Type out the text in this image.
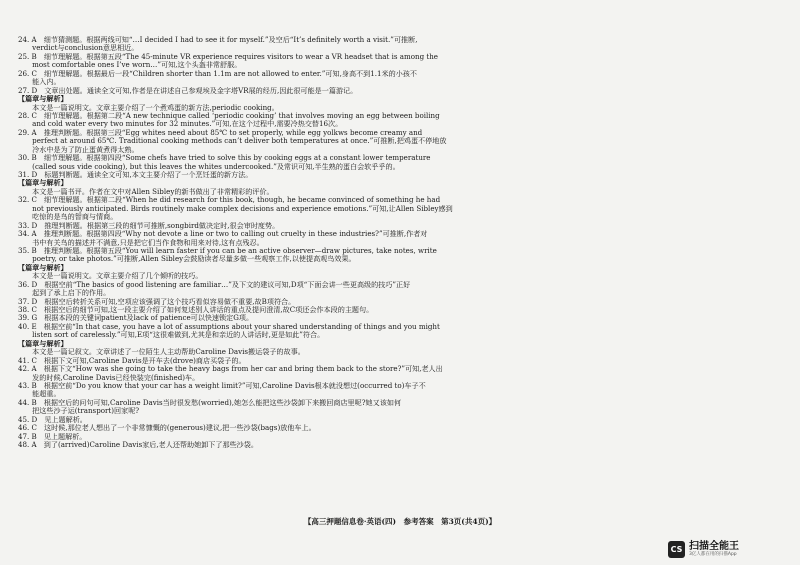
24. A　细节猜测题。根据两线可知“…I decided I had to see it for myself.”及空后“It’s definitely worth a visit.”可推断,
　　verdict与conclusion意思相近。
25. B　细节理解题。根据第五段“The 45-minute VR experience requires visitors to wear a VR headset that is among the
　　most comfortable ones I’ve worn…”可知,这个头盔非常舒服。
26. C　细节理解题。根据最后一段“Children shorter than 1.1m are not allowed to enter.”可知,身高不到1.1米的小孩不
　　能入内。
27. D　文章出处题。通读全文可知,作者是在讲述自己参观埃及金字塔VR展的经历,因此很可能是一篇游记。
【篇章与解析】
　　本文是一篇说明文。文章主要介绍了一个煮鸡蛋的新方法,periodic cooking。
28. C　细节理解题。根据第二段“A new technique called ‘periodic cooking’ that involves moving an egg between boiling
　　and cold water every two minutes for 32 minutes.”可知,在这个过程中,需要冷热交替16次。
29. A　推理判断题。根据第三段“Egg whites need about 85℃ to set properly, while egg yolkws become creamy and
　　perfect at around 65℃. Traditional cooking methods can’t deliver both temperatures at once.”可推断,把鸡蛋不停地放
　　冷水中是为了防止蛋黄煮得太熟。
30. B　细节理解题。根据第四段“Some chefs have tried to solve this by cooking eggs at a constant lower temperature
　　(called sous vide cooking), but this leaves the whites undercooked.”及常识可知,半生熟的蛋白会软乎乎的。
31. D　标题判断题。通读全文可知,本文主要介绍了一个烹饪蛋的新方法。
【篇章与解析】
　　本文是一篇书评。作者在文中对Allen Sibley的新书做出了非常精彩的评价。
32. C　细节理解题。根据第二段“When he did research for this book, though, he became convinced of something he had
　　not previously anticipated. Birds routinely make complex decisions and experience emotions.”可知,让Allen Sibley感到
　　吃惊的是鸟的智商与情商。
33. D　推理判断题。根据第三段的细节可推断,songbird做决定时,很会审时度势。
34. A　推理判断题。根据第四段“Why not devote a line or two to calling out cruelty in these industries?”可推断,作者对
　　书中有关鸟的描述并不满意,只是把它们当作食物和用来对待,这有点残忍。
35. B　推理判断题。根据第五段“You will learn faster if you can be an active observer—draw pictures, take notes, write
　　poetry, or take photos.”可推断,Allen Sibley会鼓励读者尽量多做一些观察工作,以使提高观鸟效果。
【篇章与解析】
　　本文是一篇说明文。文章主要介绍了几个倾听的技巧。
36. D　根据空前“The basics of good listening are familiar…”及下文的建议可知,D项“下面会讲一些更高级的技巧”正好
　　起到了承上启下的作用。
37. D　根据空后转折关系可知,空项应该强调了这个技巧看似容易做不重要,故B项符合。
38. C　根据空后的细节可知,这一段主要介绍了如何复述别人讲话的重点及提问澄清,故C项还会作本段的主题句。
39. G　根据本段的关键词patient及lack of patience可以快速锁定G项。
40. E　根据空前“In that case, you have a lot of assumptions about your shared understanding of things and you might
　　listen sort of carelessly.”可知,E项“这很难做到,尤其是和亲近的人讲话时,更是如此”符合。
【篇章与解析】
　　本文是一篇记叙文。文章讲述了一位陌生人主动帮助Caroline Davis搬运袋子的故事。
41. C　根据下文可知,Caroline Davis是开车去(drove)商店买袋子的。
42. A　根据下文“How was she going to take the heavy bags from her car and bring them back to the store?”可知,老人出
　　发的时候,Caroline Davis已经快装完(finished)车。
43. B　根据空前“Do you know that your car has a weight limit?”可知,Caroline Davis根本就没想过(occurred to)车子不
　　能超重。
44. B　根据空后的问句可知,Caroline Davis当时很发愁(worried),她怎么能把这些沙袋卸下来搬回商店里呢?她又该如何
　　把这些沙子运(transport)回家呢?
45. D　见上题解析。
46. C　这时候,那位老人想出了一个非常慷慨的(generous)建议,把一些沙袋(bags)放他车上。
47. B　见上题解析。
48. A　到了(arrived)Caroline Davis家后,老人还帮助她卸下了那些沙袋。
【高三押题信息卷·英语(四)　参考答案　第3页(共4页)】
CS 扫描全能王
3亿人都在用的扫描App
